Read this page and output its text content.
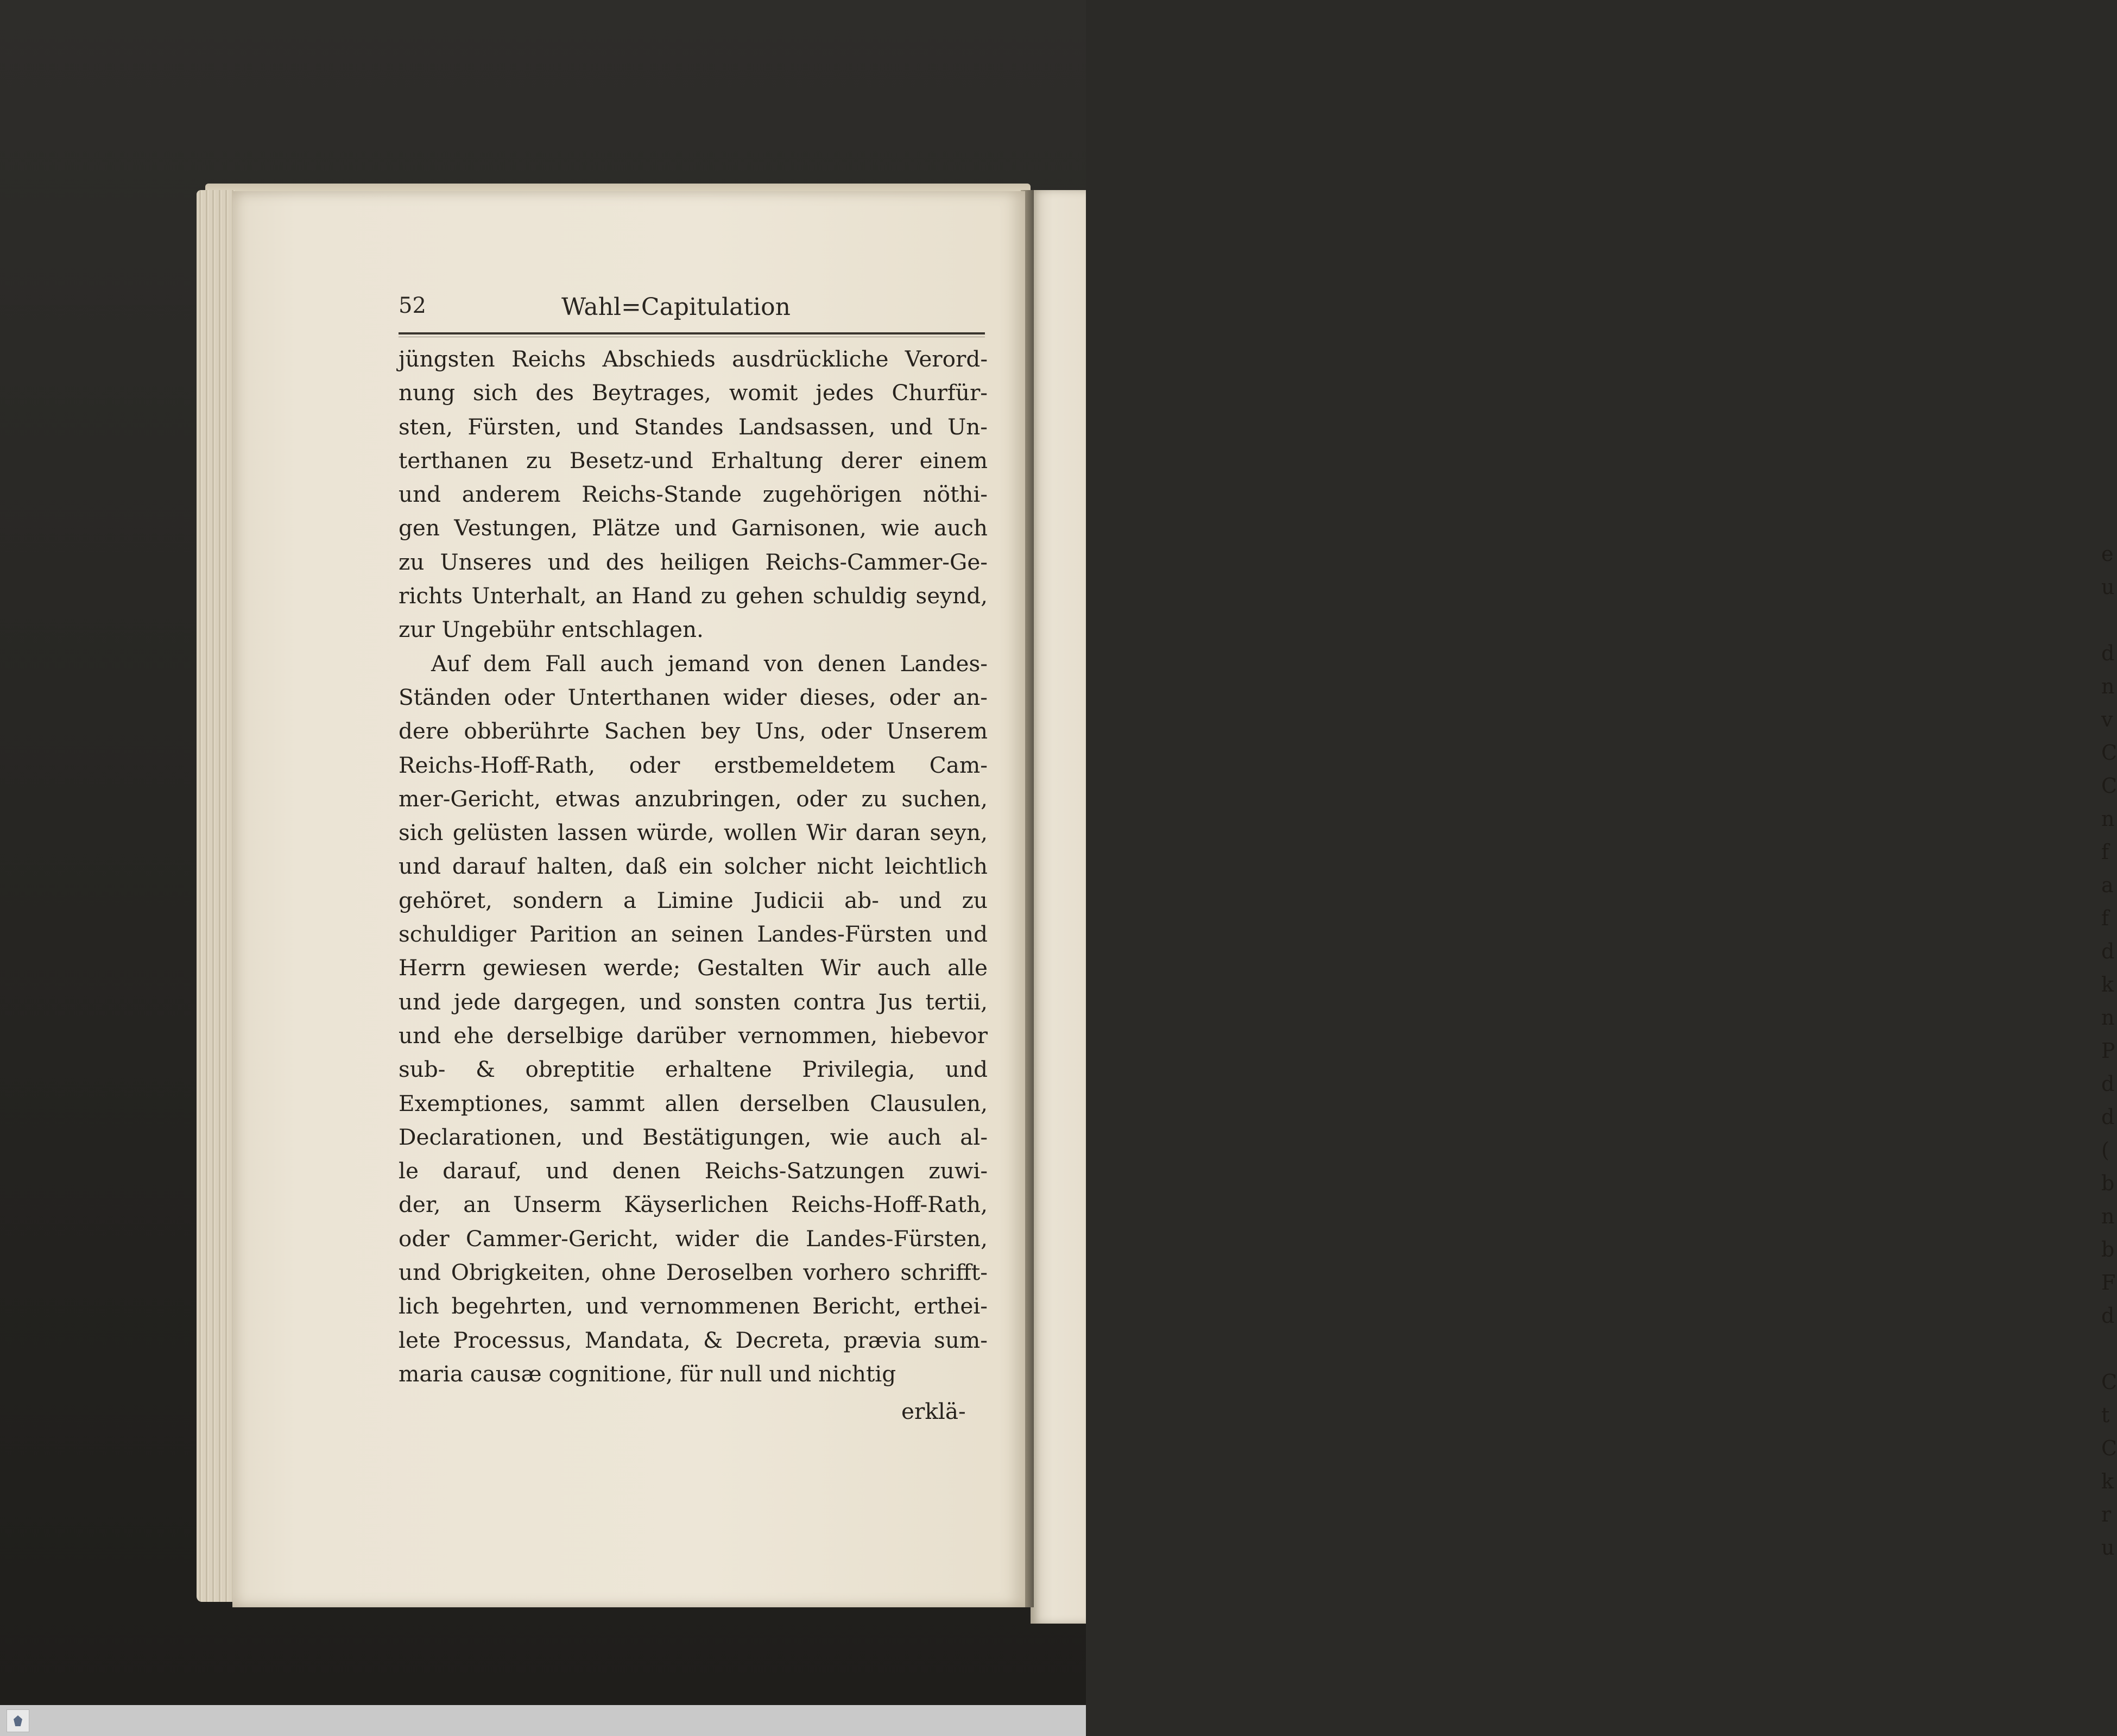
e
u

d
n
v
C
C
n
f
a
f
d
k
n
P
d
d
(
b
n
b
F
d

C
t
C
k
r
u
52	Wahl=Capitulation
jüngsten Reichs Abschieds ausdrückliche Verord-
nung sich des Beytrages, womit jedes Churfür-
sten, Fürsten, und Standes Landsassen, und Un-
terthanen zu Besetz-und Erhaltung derer einem
und anderem Reichs-Stande zugehörigen nöthi-
gen Vestungen, Plätze und Garnisonen, wie auch
zu Unseres und des heiligen Reichs-Cammer-Ge-
richts Unterhalt, an Hand zu gehen schuldig seynd,
zur Ungebühr entschlagen.
Auf dem Fall auch jemand von denen Landes-
Ständen oder Unterthanen wider dieses, oder an-
dere obberührte Sachen bey Uns, oder Unserem
Reichs-Hoff-Rath, oder erstbemeldetem Cam-
mer-Gericht, etwas anzubringen, oder zu suchen,
sich gelüsten lassen würde, wollen Wir daran seyn,
und darauf halten, daß ein solcher nicht leichtlich
gehöret, sondern a Limine Judicii ab- und zu
schuldiger Parition an seinen Landes-Fürsten und
Herrn gewiesen werde; Gestalten Wir auch alle
und jede dargegen, und sonsten contra Jus tertii,
und ehe derselbige darüber vernommen, hiebevor
sub- & obreptitie erhaltene Privilegia, und
Exemptiones, sammt allen derselben Clausulen,
Declarationen, und Bestätigungen, wie auch al-
le darauf, und denen Reichs-Satzungen zuwi-
der, an Unserm Käyserlichen Reichs-Hoff-Rath,
oder Cammer-Gericht, wider die Landes-Fürsten,
und Obrigkeiten, ohne Deroselben vorhero schrifft-
lich begehrten, und vernommenen Bericht, erthei-
lete Processus, Mandata, & Decreta, prævia sum-
maria causæ cognitione, für null und nichtig
erklä-
